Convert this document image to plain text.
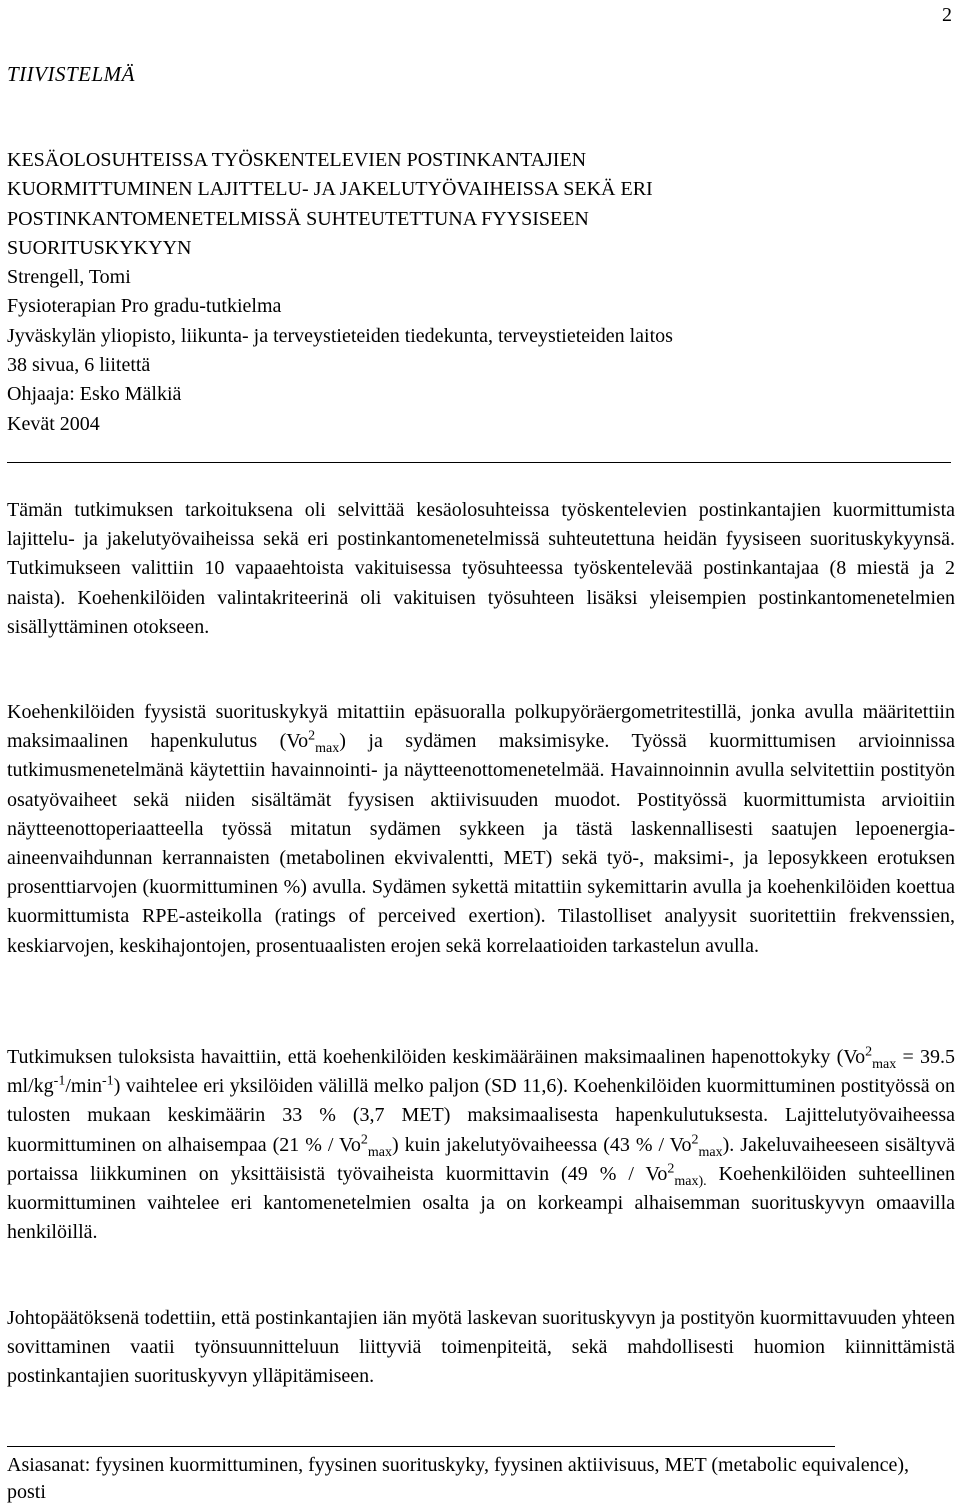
2
TIIVISTELMÄ
KESÄOLOSUHTEISSA TYÖSKENTELEVIEN POSTINKANTAJIEN
KUORMITTUMINEN LAJITTELU- JA JAKELUTYÖVAIHEISSA SEKÄ ERI
POSTINKANTOMENETELMISSÄ SUHTEUTETTUNA FYYSISEEN
SUORITUSKYKYYN
Strengell, Tomi
Fysioterapian Pro gradu-tutkielma
Jyväskylän yliopisto, liikunta- ja terveystieteiden tiedekunta, terveystieteiden laitos
38 sivua, 6 liitettä
Ohjaaja: Esko Mälkiä
Kevät 2004

Tämän tutkimuksen tarkoituksena oli selvittää kesäolosuhteissa työskentelevien postinkantajien kuormittumista lajittelu- ja jakelutyövaiheissa sekä eri postinkantomenetelmissä suhteutettuna heidän fyysiseen suorituskykyynsä. Tutkimukseen valittiin 10 vapaaehtoista vakituisessa työsuhteessa työskentelevää postinkantajaa (8 miestä ja 2 naista). Koehenkilöiden valintakriteerinä oli vakituisen työsuhteen lisäksi yleisempien postinkantomenetelmien sisällyttäminen otokseen.

Koehenkilöiden fyysistä suorituskykyä mitattiin epäsuoralla polkupyöräergometritestillä, jonka avulla määritettiin maksimaalinen hapenkulutus $(Vo^2_{max})$ ja sydämen maksimisyke. Työssä kuormittumisen arvioinnissa tutkimusmenetelmänä käytettiin havainnointi- ja näytteenottomenetelmää. Havainnoinnin avulla selvitettiin postityön osatyövaiheet sekä niiden sisältämät fyysisen aktiivisuuden muodot. Postityössä kuormittumista arvioitiin näytteenottoperiaatteella työssä mitatun sydämen sykkeen ja tästä laskennallisesti saatujen lepoenergia-aineenvaihdunnan kerrannaisten (metabolinen ekvivalentti, MET) sekä työ-, maksimi-, ja leposykkeen erotuksen prosenttiarvojen (kuormittuminen %) avulla. Sydämen sykettä mitattiin sykemittarin avulla ja koehenkilöiden koettua kuormittumista RPE-asteikolla (ratings of perceived exertion). Tilastolliset analyysit suoritettiin frekvenssien, keskiarvojen, keskihajontojen, prosentuaalisten erojen sekä korrelaatioiden tarkastelun avulla.

Tutkimuksen tuloksista havaittiin, että koehenkilöiden keskimääräinen maksimaalinen hapenottokyky ($Vo^2_{max} = 39.5$ $ml/kg^{-1}/\min^{-1}$) vaihtelee eri yksilöiden välillä melko paljon (SD 11,6). Koehenkilöiden kuormittuminen postityössä on tulosten mukaan keskimäärin 33 % (3,7 MET) maksimaalisesta hapenkulutuksesta. Lajittelutyövaiheessa kuormittuminen on alhaisempaa (21 % / $Vo^2_{max}$) kuin jakelutyövaiheessa (43 % / $Vo^2_{max}$). Jakeluvaiheeseen sisältyvä portaissa liikkuminen on yksittäisistä työvaiheista kuormittavin (49 % / $Vo^2_{max).}$ Koehenkilöiden suhteellinen kuormittuminen vaihtelee eri kantomenetelmien osalta ja on korkeampi alhaisemman suorituskyvyn omaavilla henkilöillä.

Johtopäätöksenä todettiin, että postinkantajien iän myötä laskevan suorituskyvyn ja postityön kuormittavuuden yhteen sovittaminen vaatii työnsuunnitteluun liittyviä toimenpiteitä, sekä mahdollisesti huomion kiinnittämistä postinkantajien suorituskyvyn ylläpitämiseen.

Asiasanat: fyysinen kuormittuminen, fyysinen suorituskyky, fyysinen aktiivisuus, MET (metabolic equivalence), posti
